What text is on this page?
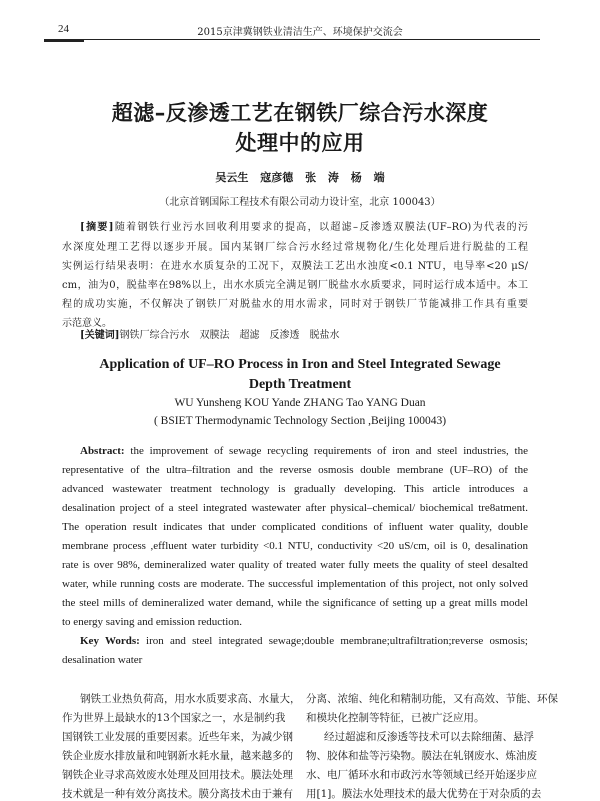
24	2015京津冀钢铁业清洁生产、环境保护交流会
超滤–反渗透工艺在钢铁厂综合污水深度
处理中的应用
吴云生 寇彦德 张 涛 杨 端
（北京首钢国际工程技术有限公司动力设计室，北京 100043）
[摘要]随着钢铁行业污水回收利用要求的提高，以超滤–反渗透双膜法(UF–RO)为代表的污
水深度处理工艺得以逐步开展。国内某钢厂综合污水经过常规物化/生化处理后进行脱盐的工程
实例运行结果表明：在进水水质复杂的工况下，双膜法工艺出水浊度<0.1 NTU，电导率<20 μS/
cm，油为0，脱盐率在98%以上，出水水质完全满足钢厂脱盐水水质要求，同时运行成本适中。本工
程的成功实施，不仅解决了钢铁厂对脱盐水的用水需求，同时对于钢铁厂节能减排工作具有重要
示范意义。
[关键词]钢铁厂综合污水　双膜法　超滤　反渗透　脱盐水
Application of UF–RO Process in Iron and Steel Integrated Sewage
Depth Treatment
WU Yunsheng KOU Yande ZHANG Tao YANG Duan
( BSIET Thermodynamic Technology Section ,Beijing 100043)
Abstract: the improvement of sewage recycling requirements of iron and steel industries, the
representative of the ultra–filtration and the reverse osmosis double membrane (UF–RO) of the
advanced wastewater treatment technology is gradually developing. This article introduces a
desalination project of a steel integrated wastewater after physical–chemical/ biochemical tre8atment.
The operation result indicates that under complicated conditions of influent water quality, double
membrane process ,effluent water turbidity <0.1 NTU, conductivity <20 uS/cm, oil is 0, desalination
rate is over 98%, demineralized water quality of treated water fully meets the quality of steel desalted
water, while running costs are moderate. The successful implementation of this project, not only solved
the steel mills of demineralized water demand, while the significance of setting up a great mills model
to energy saving and emission reduction.
Key Words: iron and steel integrated sewage;double membrane;ultrafiltration;reverse osmosis;
desalination water
钢铁工业热负荷高，用水水质要求高、水量大，
作为世界上最缺水的13个国家之一，水是制约我
国钢铁工业发展的重要因素。近些年来，为减少钢
铁企业废水排放量和吨钢新水耗水量，越来越多的
钢铁企业寻求高效废水处理及回用技术。膜法处理
技术就是一种有效分离技术。膜分离技术由于兼有
分离、浓缩、纯化和精制功能，又有高效、节能、环保
和模块化控制等特征，已被广泛应用。
经过超滤和反渗透等技术可以去除细菌、悬浮
物、胶体和盐等污染物。膜法在轧钢废水、炼油废
水、电厂循环水和市政污水等领域已经开始逐步应
用[1]。膜法水处理技术的最大优势在于对杂质的去
